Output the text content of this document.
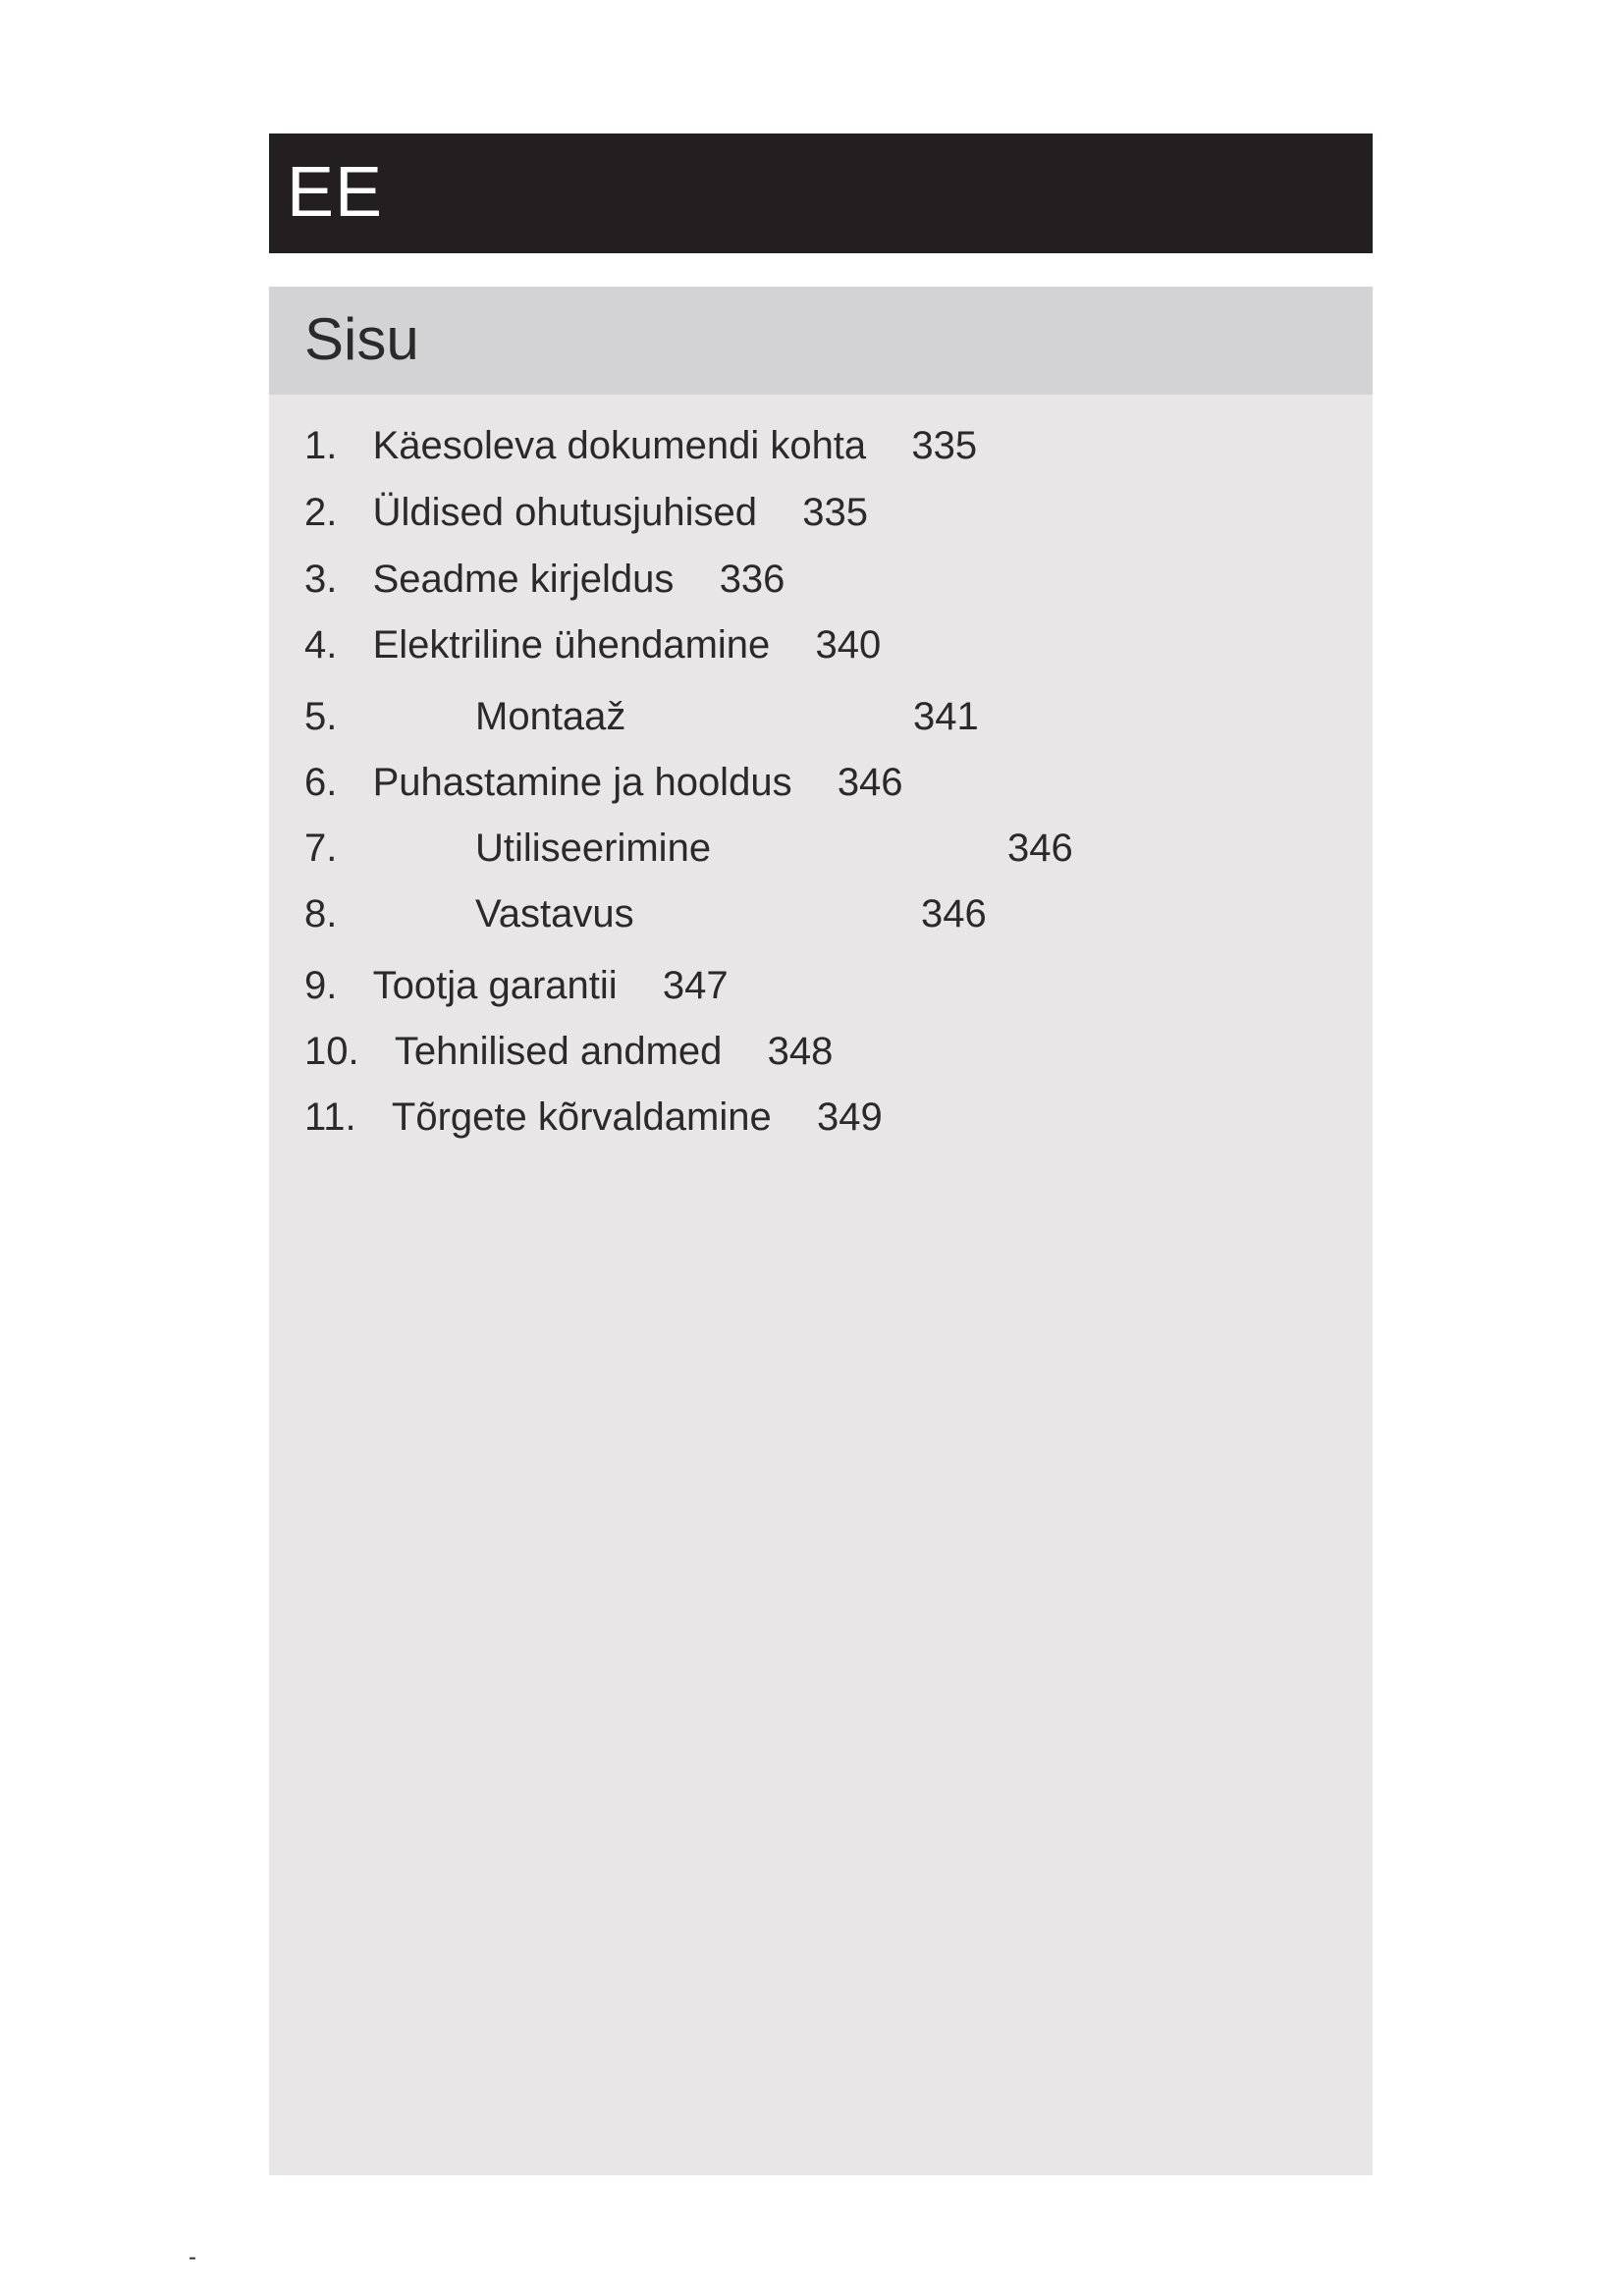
EE
Sisu
1. Käesoleva dokumendi kohta 335
2. Üldised ohutusjuhised 335
3. Seadme kirjeldus 336
4. Elektriline ühendamine 340
5.	Montaaž	341
6. Puhastamine ja hooldus 346
7.	Utiliseerimine	346
8.	Vastavus	346
9. Tootja garantii 347
10. Tehnilised andmed 348
11. Tõrgete kõrvaldamine 349
-
